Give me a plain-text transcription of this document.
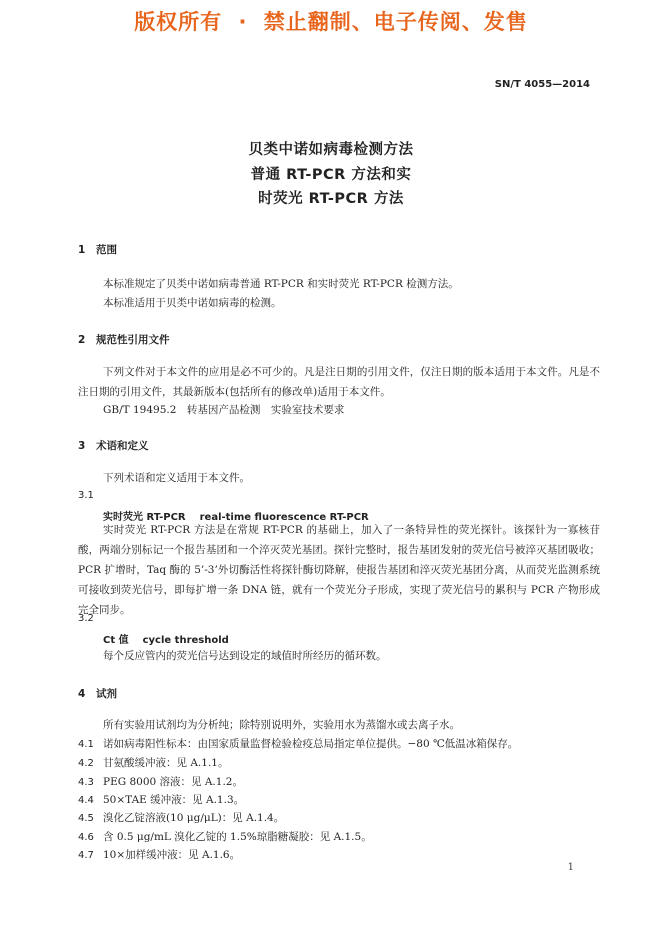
版权所有 · 禁止翻制、电子传阅、发售
SN/T 4055—2014
贝类中诺如病毒检测方法
普通 RT-PCR 方法和实
时荧光 RT-PCR 方法
1 范围
本标准规定了贝类中诺如病毒普通 RT-PCR 和实时荧光 RT-PCR 检测方法。
本标准适用于贝类中诺如病毒的检测。
2 规范性引用文件
下列文件对于本文件的应用是必不可少的。凡是注日期的引用文件，仅注日期的版本适用于本文件。凡是不注日期的引用文件，其最新版本(包括所有的修改单)适用于本文件。
GB/T 19495.2　转基因产品检测　实验室技术要求
3 术语和定义
下列术语和定义适用于本文件。
3.1
实时荧光 RT-PCR real-time fluorescence RT-PCR
实时荧光 RT-PCR 方法是在常规 RT-PCR 的基础上，加入了一条特异性的荧光探针。该探针为一寡核苷酸，两端分别标记一个报告基团和一个淬灭荧光基团。探针完整时，报告基团发射的荧光信号被淬灭基团吸收；PCR 扩增时，Taq 酶的 5’-3’外切酶活性将探针酶切降解，使报告基团和淬灭荧光基团分离，从而荧光监测系统可接收到荧光信号，即每扩增一条 DNA 链，就有一个荧光分子形成，实现了荧光信号的累积与 PCR 产物形成完全同步。
3.2
Ct 值 cycle threshold
每个反应管内的荧光信号达到设定的域值时所经历的循环数。
4 试剂
所有实验用试剂均为分析纯；除特别说明外，实验用水为蒸馏水或去离子水。
4.1 诺如病毒阳性标本：由国家质量监督检验检疫总局指定单位提供。−80 ℃低温冰箱保存。
4.2 甘氨酸缓冲液：见 A.1.1。
4.3 PEG 8000 溶液：见 A.1.2。
4.4 50×TAE 缓冲液：见 A.1.3。
4.5 溴化乙锭溶液(10 μg/μL)：见 A.1.4。
4.6 含 0.5 μg/mL 溴化乙锭的 1.5%琼脂糖凝胶：见 A.1.5。
4.7 10×加样缓冲液：见 A.1.6。
1
